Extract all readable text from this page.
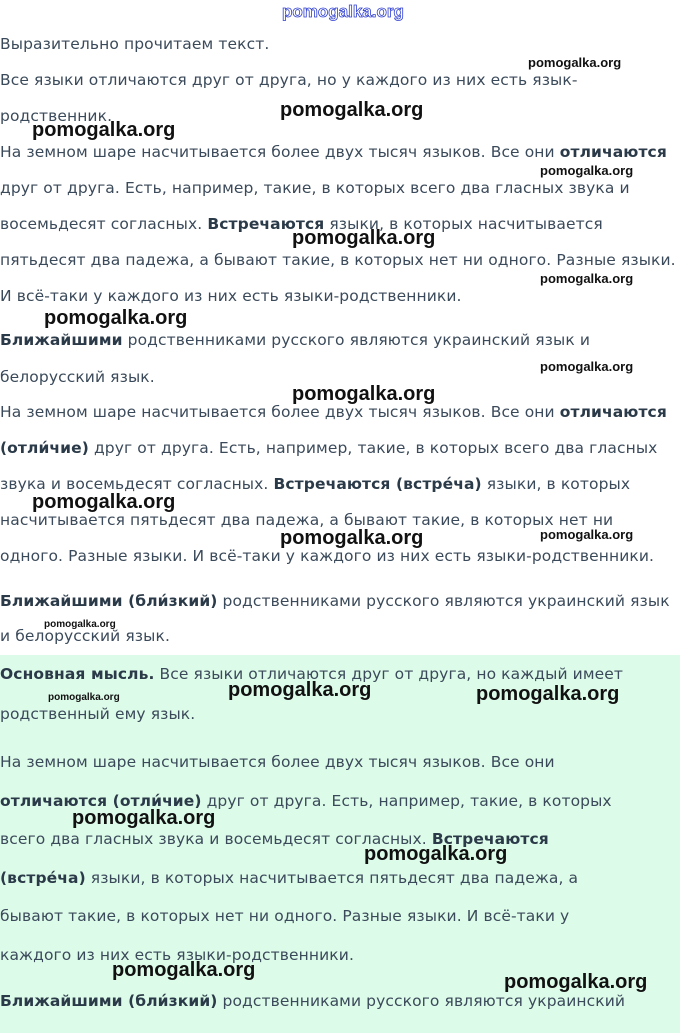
Выразительно прочитаем текст.
Все языки отличаются друг от друга, но у каждого из них есть язык-
родственник.
На земном шаре насчитывается более двух тысяч языков. Все они отличаются
друг от друга. Есть, например, такие, в которых всего два гласных звука и
восемьдесят согласных. Встречаются языки, в которых насчитывается
пятьдесят два падежа, а бывают такие, в которых нет ни одного. Разные языки.
И всё-таки у каждого из них есть языки-родственники.
Ближайшими родственниками русского являются украинский язык и
белорусский язык.
На земном шаре насчитывается более двух тысяч языков. Все они отличаются
(отли́чие) друг от друга. Есть, например, такие, в которых всего два гласных
звука и восемьдесят согласных. Встречаются (встре́ча) языки, в которых
насчитывается пятьдесят два падежа, а бывают такие, в которых нет ни
одного. Разные языки. И всё-таки у каждого из них есть языки-родственники.
Ближайшими (бли́зкий) родственниками русского являются украинский язык
и белорусский язык.
Основная мысль. Все языки отличаются друг от друга, но каждый имеет
родственный ему язык.
На земном шаре насчитывается более двух тысяч языков. Все они
отличаются (отли́чие) друг от друга. Есть, например, такие, в которых
всего два гласных звука и восемьдесят согласных. Встречаются
(встре́ча) языки, в которых насчитывается пятьдесят два падежа, а
бывают такие, в которых нет ни одного. Разные языки. И всё-таки у
каждого из них есть языки-родственники.
Ближайшими (бли́зкий) родственниками русского являются украинский
pomogalka.org
pomogalka.org
pomogalka.org
pomogalka.org
pomogalka.org
pomogalka.org
pomogalka.org
pomogalka.org
pomogalka.org
pomogalka.org
pomogalka.org
pomogalka.org
pomogalka.org
pomogalka.org
pomogalka.org	pomogalka.org
pomogalka.org
pomogalka.org
pomogalka.org
pomogalka.org
pomogalka.org
